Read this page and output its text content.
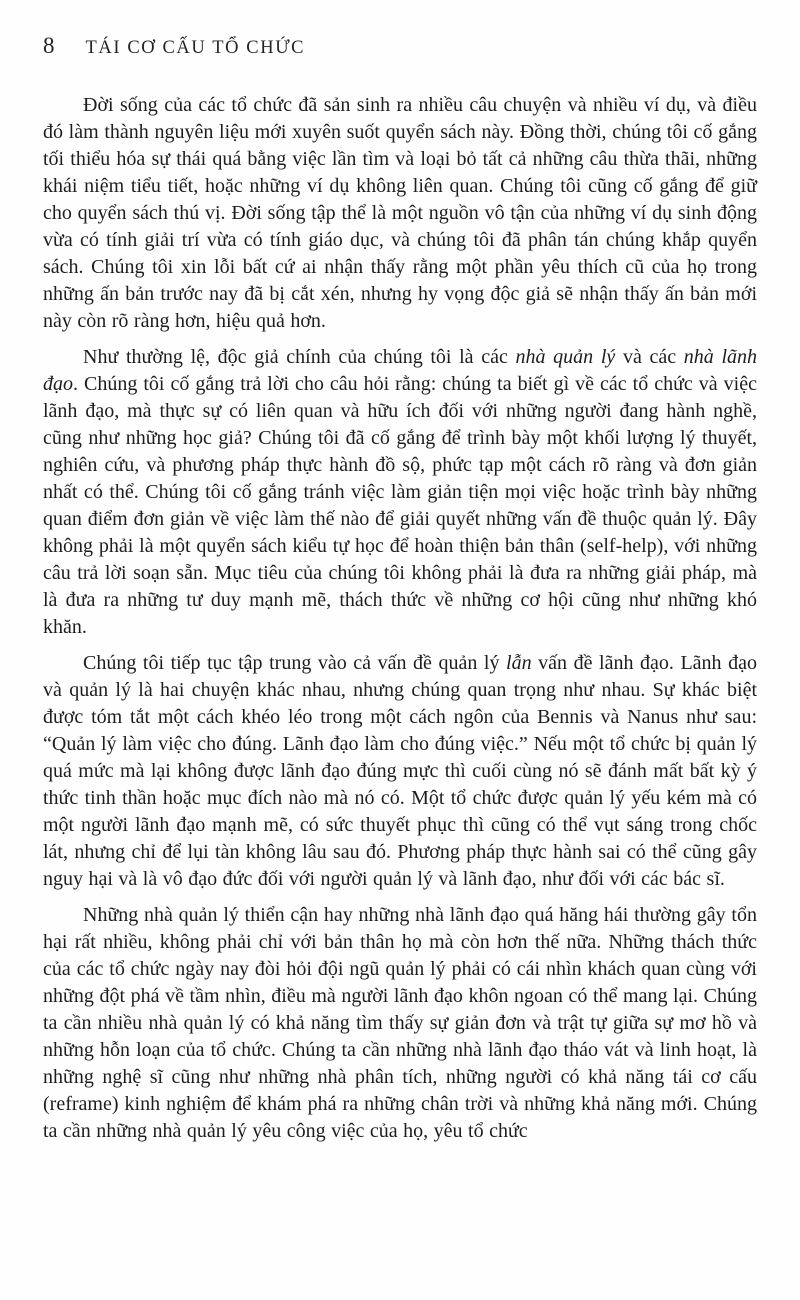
8 TÁI CƠ CẤU TỔ CHỨC

Đời sống của các tổ chức đã sản sinh ra nhiều câu chuyện và nhiều ví dụ, và điều đó làm thành nguyên liệu mới xuyên suốt quyển sách này. Đồng thời, chúng tôi cố gắng tối thiểu hóa sự thái quá bằng việc lần tìm và loại bỏ tất cả những câu thừa thãi, những khái niệm tiểu tiết, hoặc những ví dụ không liên quan. Chúng tôi cũng cố gắng để giữ cho quyển sách thú vị. Đời sống tập thể là một nguồn vô tận của những ví dụ sinh động vừa có tính giải trí vừa có tính giáo dục, và chúng tôi đã phân tán chúng khắp quyển sách. Chúng tôi xin lỗi bất cứ ai nhận thấy rằng một phần yêu thích cũ của họ trong những ấn bản trước nay đã bị cắt xén, nhưng hy vọng độc giả sẽ nhận thấy ấn bản mới này còn rõ ràng hơn, hiệu quả hơn.

Như thường lệ, độc giả chính của chúng tôi là các nhà quản lý và các nhà lãnh đạo. Chúng tôi cố gắng trả lời cho câu hỏi rằng: chúng ta biết gì về các tổ chức và việc lãnh đạo, mà thực sự có liên quan và hữu ích đối với những người đang hành nghề, cũng như những học giả? Chúng tôi đã cố gắng để trình bày một khối lượng lý thuyết, nghiên cứu, và phương pháp thực hành đồ sộ, phức tạp một cách rõ ràng và đơn giản nhất có thể. Chúng tôi cố gắng tránh việc làm giản tiện mọi việc hoặc trình bày những quan điểm đơn giản về việc làm thế nào để giải quyết những vấn đề thuộc quản lý. Đây không phải là một quyển sách kiểu tự học để hoàn thiện bản thân (self-help), với những câu trả lời soạn sẵn. Mục tiêu của chúng tôi không phải là đưa ra những giải pháp, mà là đưa ra những tư duy mạnh mẽ, thách thức về những cơ hội cũng như những khó khăn.

Chúng tôi tiếp tục tập trung vào cả vấn đề quản lý lẫn vấn đề lãnh đạo. Lãnh đạo và quản lý là hai chuyện khác nhau, nhưng chúng quan trọng như nhau. Sự khác biệt được tóm tắt một cách khéo léo trong một cách ngôn của Bennis và Nanus như sau: “Quản lý làm việc cho đúng. Lãnh đạo làm cho đúng việc.” Nếu một tổ chức bị quản lý quá mức mà lại không được lãnh đạo đúng mực thì cuối cùng nó sẽ đánh mất bất kỳ ý thức tinh thần hoặc mục đích nào mà nó có. Một tổ chức được quản lý yếu kém mà có một người lãnh đạo mạnh mẽ, có sức thuyết phục thì cũng có thể vụt sáng trong chốc lát, nhưng chỉ để lụi tàn không lâu sau đó. Phương pháp thực hành sai có thể cũng gây nguy hại và là vô đạo đức đối với người quản lý và lãnh đạo, như đối với các bác sĩ.

Những nhà quản lý thiển cận hay những nhà lãnh đạo quá hăng hái thường gây tổn hại rất nhiều, không phải chỉ với bản thân họ mà còn hơn thế nữa. Những thách thức của các tổ chức ngày nay đòi hỏi đội ngũ quản lý phải có cái nhìn khách quan cùng với những đột phá về tầm nhìn, điều mà người lãnh đạo khôn ngoan có thể mang lại. Chúng ta cần nhiều nhà quản lý có khả năng tìm thấy sự giản đơn và trật tự giữa sự mơ hồ và những hỗn loạn của tổ chức. Chúng ta cần những nhà lãnh đạo tháo vát và linh hoạt, là những nghệ sĩ cũng như những nhà phân tích, những người có khả năng tái cơ cấu (reframe) kinh nghiệm để khám phá ra những chân trời và những khả năng mới. Chúng ta cần những nhà quản lý yêu công việc của họ, yêu tổ chức
